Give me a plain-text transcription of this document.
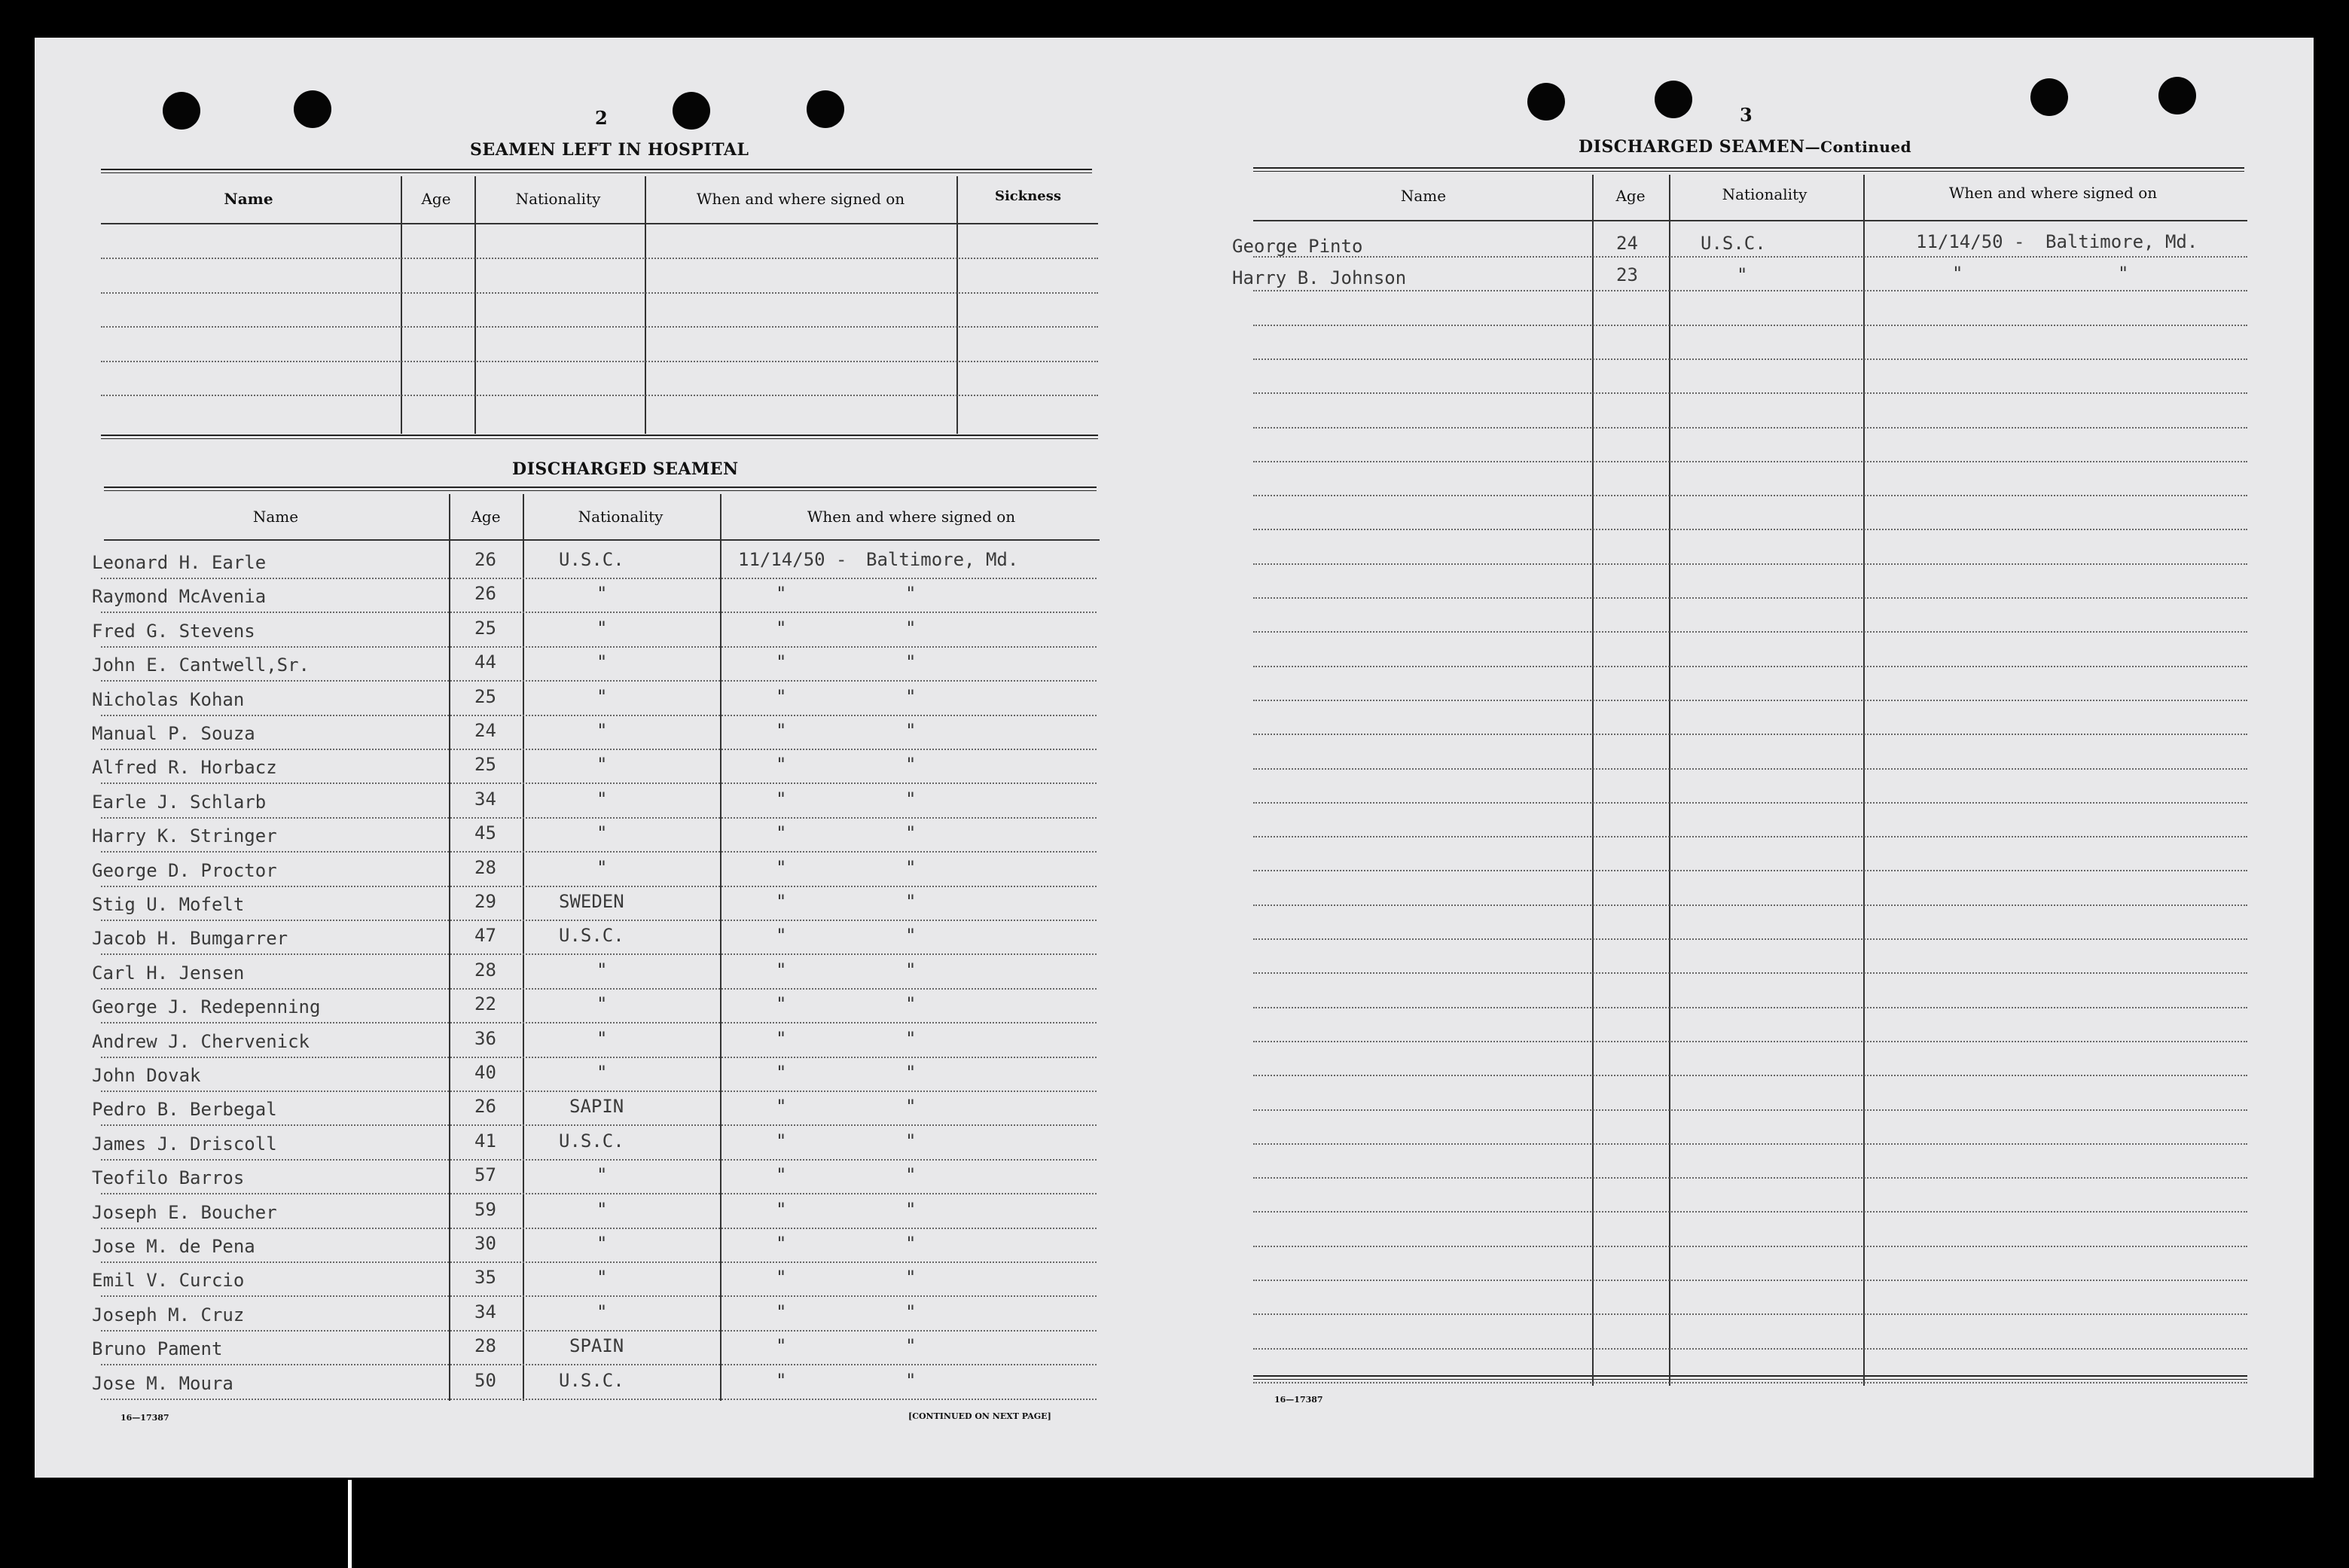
2
SEAMEN LEFT IN HOSPITAL
Name	Age	Nationality	When and where signed on	Sickness
DISCHARGED SEAMEN
Name	Age	Nationality	When and where signed on
Leonard H. Earle	26	U.S.C.	11/14/50 - Baltimore, Md.
Raymond McAvenia	26	"	"	"
Fred G. Stevens	25	"	"	"
John E. Cantwell,Sr.	44	"	"	"
Nicholas Kohan	25	"	"	"
Manual P. Souza	24	"	"	"
Alfred R. Horbacz	25	"	"	"
Earle J. Schlarb	34	"	"	"
Harry K. Stringer	45	"	"	"
George D. Proctor	28	"	"	"
Stig U. Mofelt	29	SWEDEN	"	"
Jacob H. Bumgarrer	47	U.S.C.	"	"
Carl H. Jensen	28	"	"	"
George J. Redepenning	22	"	"	"
Andrew J. Chervenick	36	"	"	"
John Dovak	40	"	"	"
Pedro B. Berbegal	26	SAPIN	"	"
James J. Driscoll	41	U.S.C.	"	"
Teofilo Barros	57	"	"	"
Joseph E. Boucher	59	"	"	"
Jose M. de Pena	30	"	"	"
Emil V. Curcio	35	"	"	"
Joseph M. Cruz	34	"	"	"
Bruno Pament	28	SPAIN	"	"
Jose M. Moura	50	U.S.C.	"	"
16—17387	[CONTINUED ON NEXT PAGE]
3
DISCHARGED SEAMEN—Continued
Name	Age	Nationality	When and where signed on
George Pinto	24	U.S.C.	11/14/50 - Baltimore, Md.
Harry B. Johnson	23	"	"	"
16—17387
